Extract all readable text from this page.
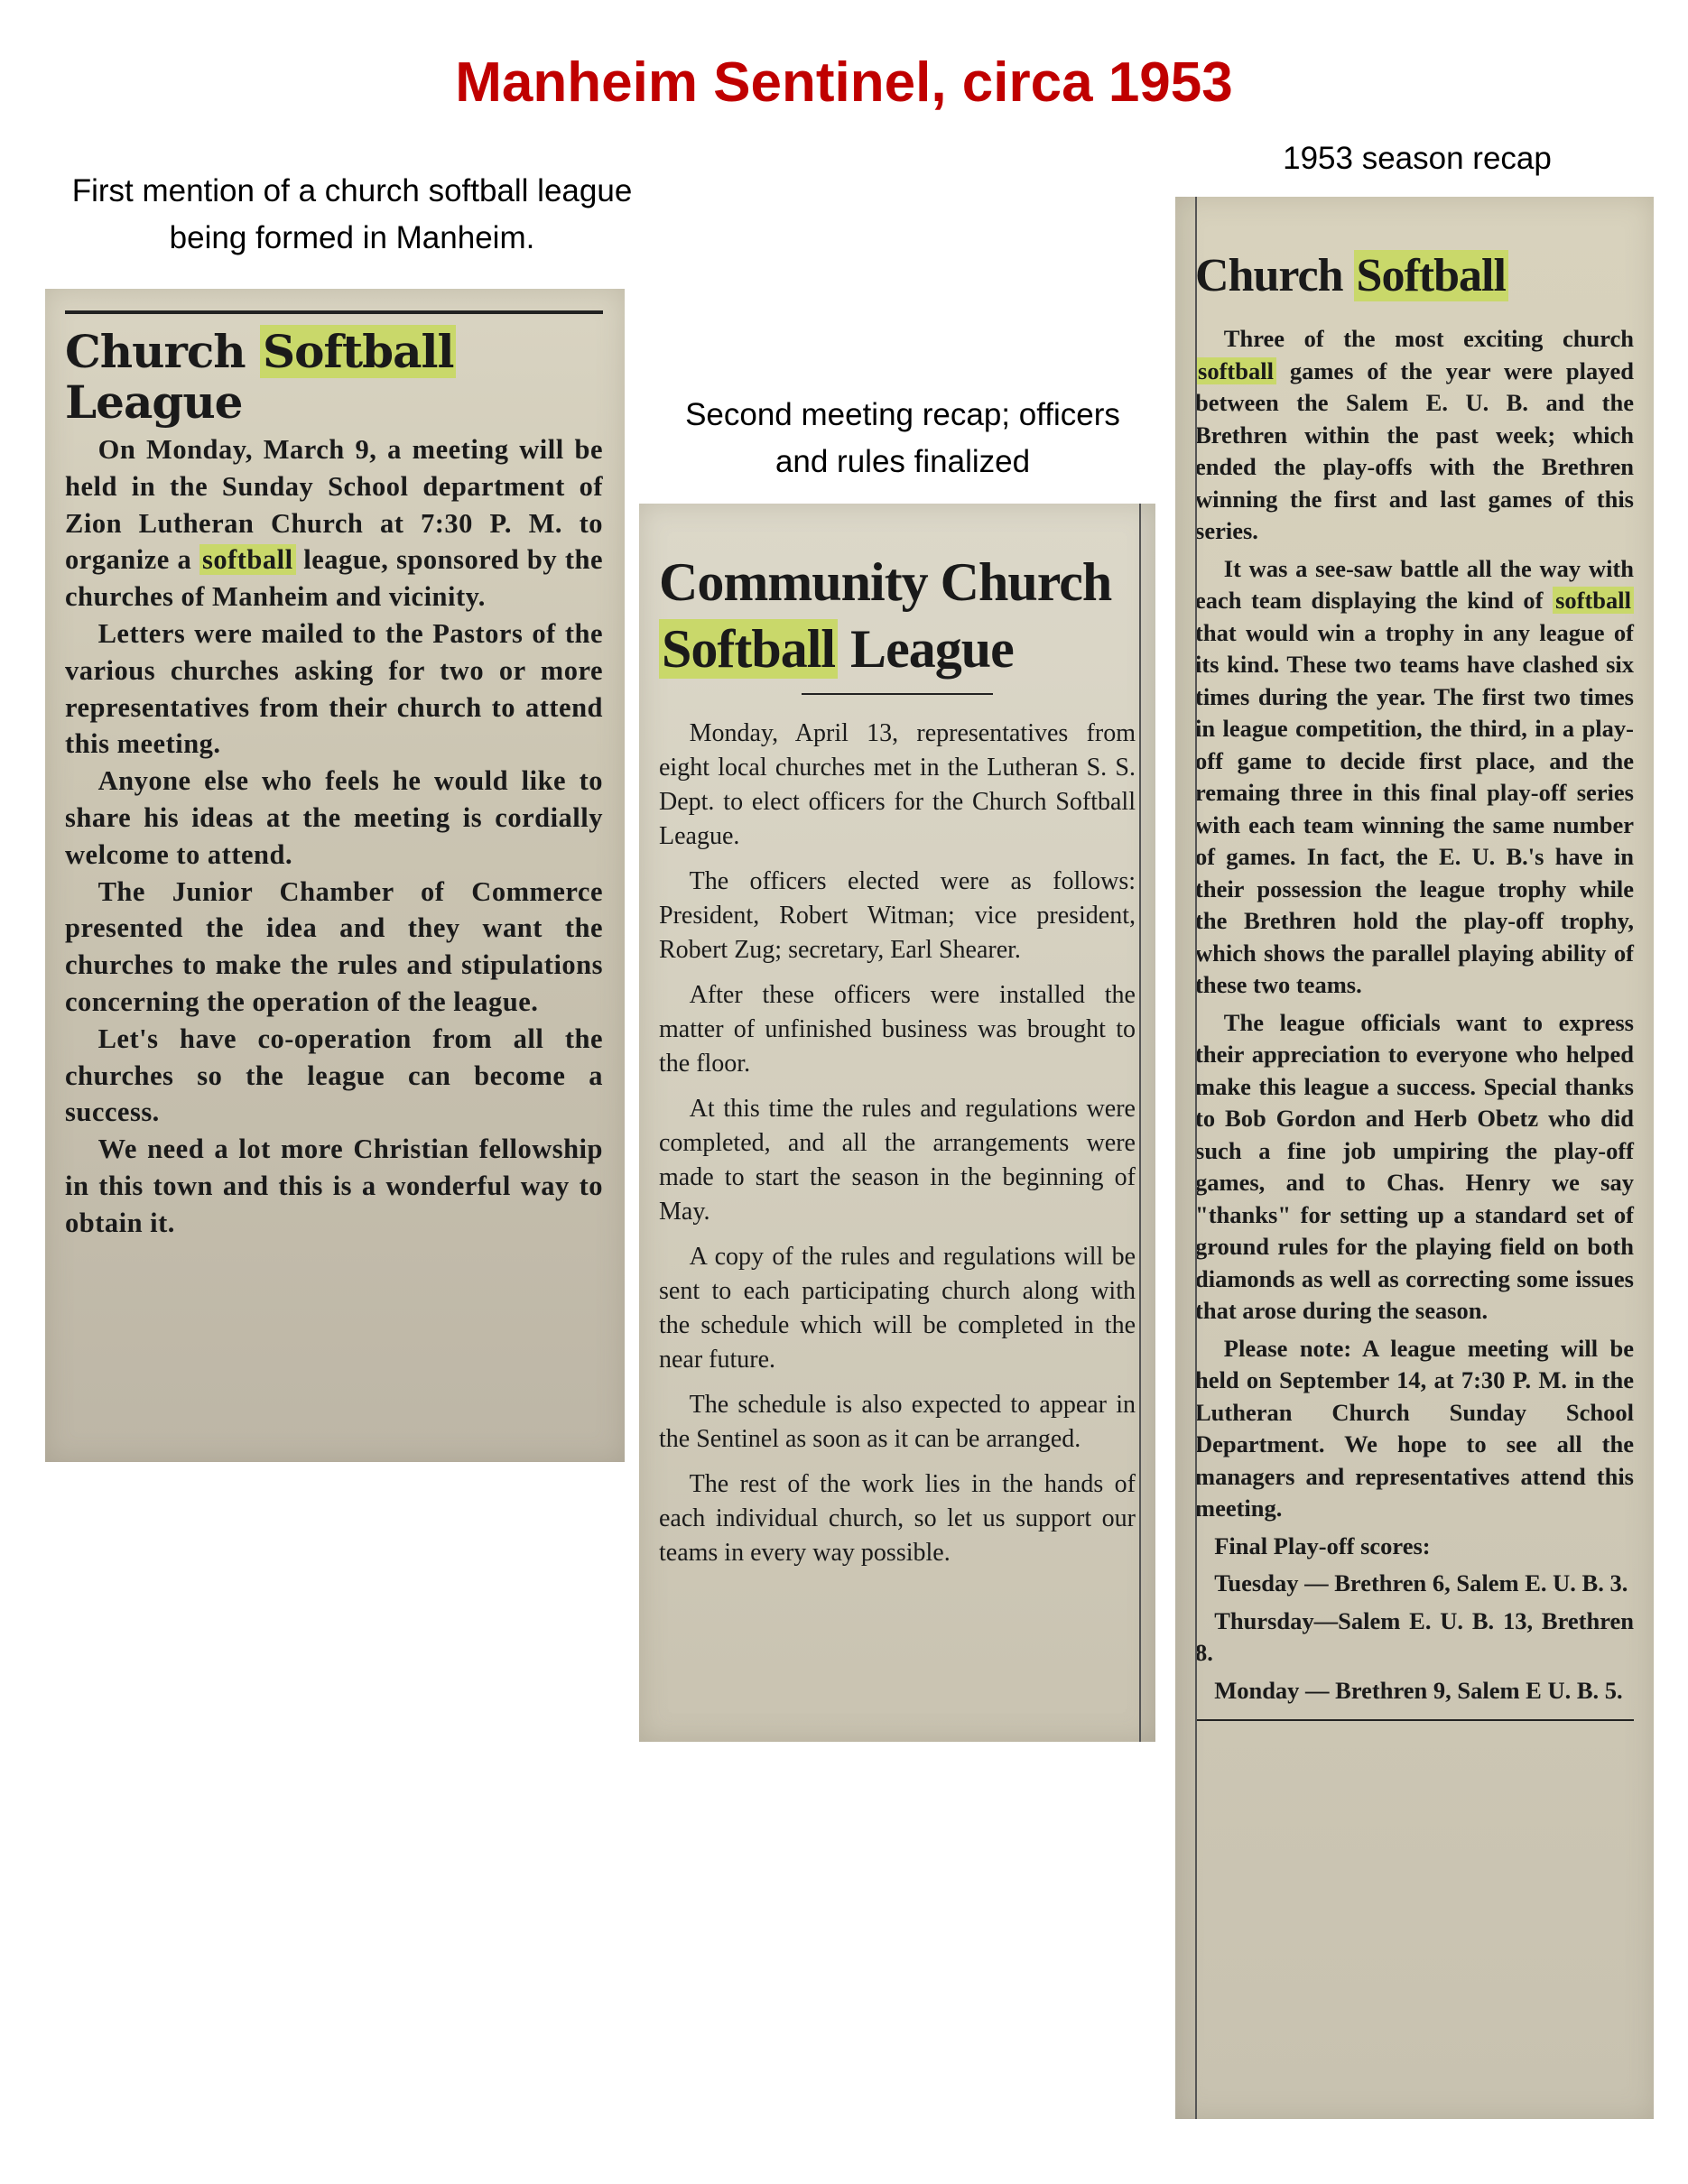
Manheim Sentinel, circa 1953
First mention of a church softball league being formed in Manheim.
Second meeting recap; officers and rules finalized
1953 season recap
Church Softball League

On Monday, March 9, a meeting will be held in the Sunday School department of Zion Lutheran Church at 7:30 P. M. to organize a softball league, sponsored by the churches of Manheim and vicinity.

Letters were mailed to the Pastors of the various churches asking for two or more representatives from their church to attend this meeting.

Anyone else who feels he would like to share his ideas at the meeting is cordially welcome to attend.

The Junior Chamber of Commerce presented the idea and they want the churches to make the rules and stipulations concerning the operation of the league.

Let's have co-operation from all the churches so the league can become a success.

We need a lot more Christian fellowship in this town and this is a wonderful way to obtain it.

Community Church
Softball League

Monday, April 13, representatives from eight local churches met in the Lutheran S. S. Dept. to elect officers for the Church Softball League.

The officers elected were as follows: President, Robert Witman; vice president, Robert Zug; secretary, Earl Shearer.

After these officers were installed the matter of unfinished business was brought to the floor.

At this time the rules and regulations were completed, and all the arrangements were made to start the season in the beginning of May.

A copy of the rules and regulations will be sent to each participating church along with the schedule which will be completed in the near future.

The schedule is also expected to appear in the Sentinel as soon as it can be arranged.

The rest of the work lies in the hands of each individual church, so let us support our teams in every way possible.

Church Softball

Three of the most exciting church softball games of the year were played between the Salem E. U. B. and the Brethren within the past week; which ended the play-offs with the Brethren winning the first and last games of this series.

It was a see-saw battle all the way with each team displaying the kind of softball that would win a trophy in any league of its kind. These two teams have clashed six times during the year. The first two times in league competition, the third, in a play-off game to decide first place, and the remaing three in this final play-off series with each team winning the same number of games. In fact, the E. U. B.'s have in their possession the league trophy while the Brethren hold the play-off trophy, which shows the parallel playing ability of these two teams.

The league officials want to express their appreciation to everyone who helped make this league a success. Special thanks to Bob Gordon and Herb Obetz who did such a fine job umpiring the play-off games, and to Chas. Henry we say "thanks" for setting up a standard set of ground rules for the playing field on both diamonds as well as correcting some issues that arose during the season.

Please note: A league meeting will be held on September 14, at 7:30 P. M. in the Lutheran Church Sunday School Department. We hope to see all the managers and representatives attend this meeting.

Final Play-off scores:

Tuesday — Brethren 6, Salem E. U. B. 3.

Thursday—Salem E. U. B. 13, Brethren 8.

Monday — Brethren 9, Salem E U. B. 5.
